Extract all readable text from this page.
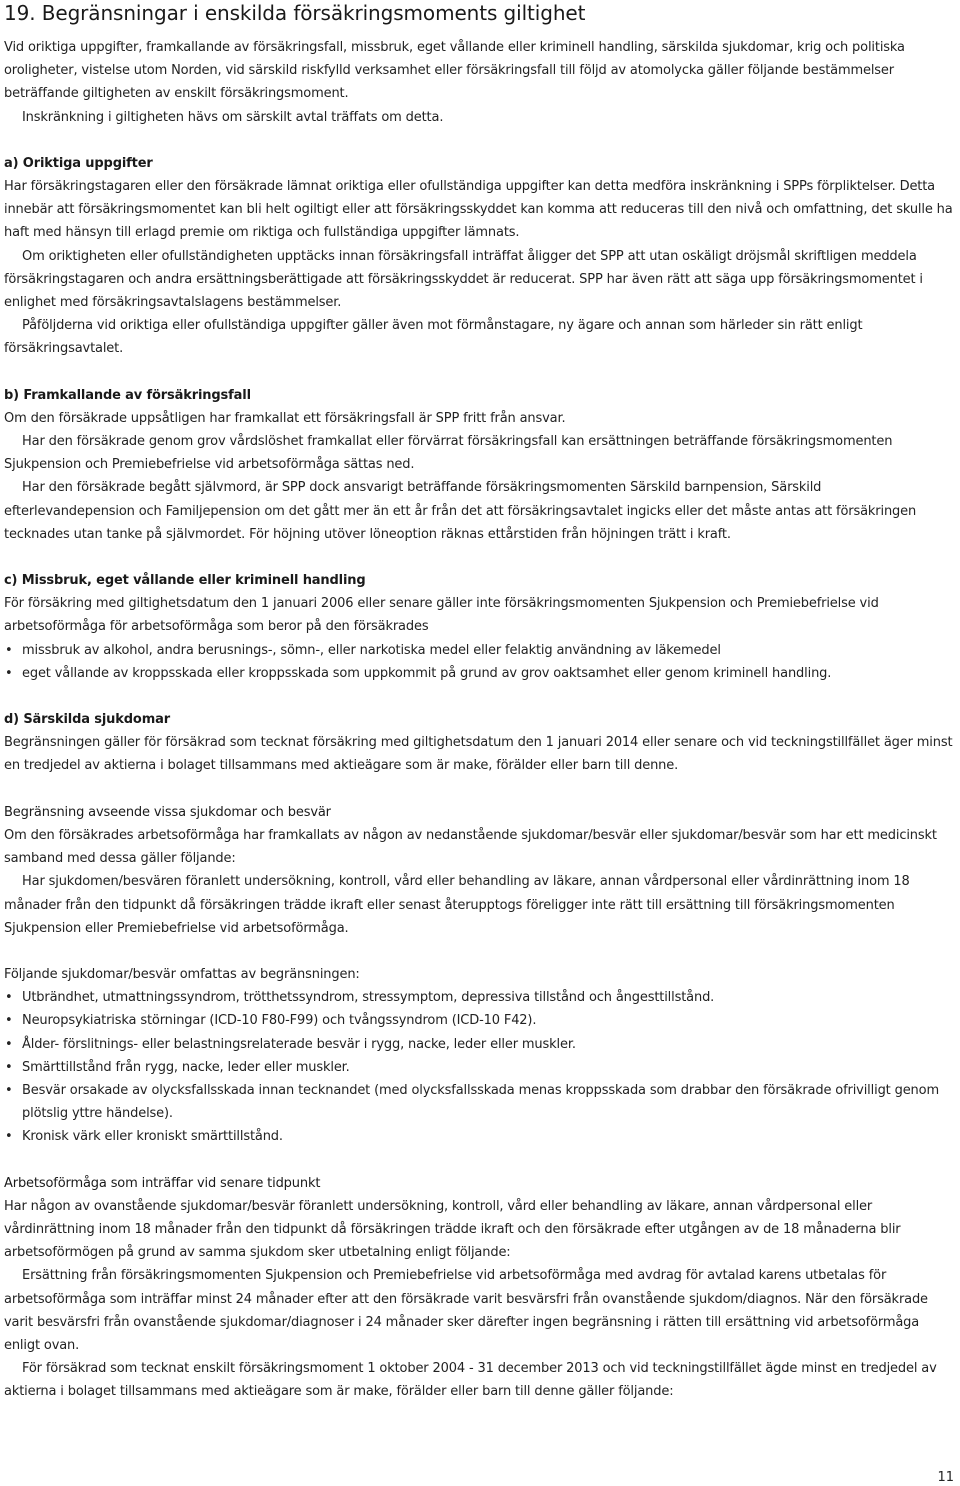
19. Begränsningar i enskilda försäkringsmoments giltighet

Vid oriktiga uppgifter, framkallande av försäkringsfall, missbruk, eget vållande eller kriminell handling, särskilda sjukdomar, krig och politiska oroligheter, vistelse utom Norden, vid särskild riskfylld verksamhet eller försäkringsfall till följd av atomolycka gäller följande bestämmelser beträffande giltigheten av enskilt försäkringsmoment.

Inskränkning i giltigheten hävs om särskilt avtal träffats om detta.

a) Oriktiga uppgifter

Har försäkringstagaren eller den försäkrade lämnat oriktiga eller ofullständiga uppgifter kan detta medföra inskränkning i SPPs förpliktelser. Detta innebär att försäkringsmomentet kan bli helt ogiltigt eller att försäkringsskyddet kan komma att reduceras till den nivå och omfattning, det skulle ha haft med hänsyn till erlagd premie om riktiga och fullständiga uppgifter lämnats.

Om oriktigheten eller ofullständigheten upptäcks innan försäkringsfall inträffat åligger det SPP att utan oskäligt dröjsmål skriftligen meddela försäkringstagaren och andra ersättningsberättigade att försäkringsskyddet är reducerat. SPP har även rätt att säga upp försäkringsmomentet i enlighet med försäkringsavtalslagens bestämmelser.

Påföljderna vid oriktiga eller ofullständiga uppgifter gäller även mot förmånstagare, ny ägare och annan som härleder sin rätt enligt försäkringsavtalet.

b) Framkallande av försäkringsfall

Om den försäkrade uppsåtligen har framkallat ett försäkringsfall är SPP fritt från ansvar.

Har den försäkrade genom grov vårdslöshet framkallat eller förvärrat försäkringsfall kan ersättningen beträffande försäkringsmomenten Sjukpension och Premiebefrielse vid arbetsoförmåga sättas ned.

Har den försäkrade begått självmord, är SPP dock ansvarigt beträffande försäkringsmomenten Särskild barnpension, Särskild efterlevandepension och Familjepension om det gått mer än ett år från det att försäkringsavtalet ingicks eller det måste antas att försäkringen tecknades utan tanke på självmordet. För höjning utöver löneoption räknas ettårstiden från höjningen trätt i kraft.

c) Missbruk, eget vållande eller kriminell handling

För försäkring med giltighetsdatum den 1 januari 2006 eller senare gäller inte försäkringsmomenten Sjukpension och Premiebefrielse vid arbetsoförmåga för arbetsoförmåga som beror på den försäkrades

• missbruk av alkohol, andra berusnings-, sömn-, eller narkotiska medel eller felaktig användning av läkemedel
• eget vållande av kroppsskada eller kroppsskada som uppkommit på grund av grov oaktsamhet eller genom kriminell handling.
d) Särskilda sjukdomar

Begränsningen gäller för försäkrad som tecknat försäkring med giltighetsdatum den 1 januari 2014 eller senare och vid teckningstillfället äger minst en tredjedel av aktierna i bolaget tillsammans med aktieägare som är make, förälder eller barn till denne.

Begränsning avseende vissa sjukdomar och besvär

Om den försäkrades arbetsoförmåga har framkallats av någon av nedanstående sjukdomar/besvär eller sjukdomar/besvär som har ett medicinskt samband med dessa gäller följande:

Har sjukdomen/besvären föranlett undersökning, kontroll, vård eller behandling av läkare, annan vårdpersonal eller vårdinrättning inom 18 månader från den tidpunkt då försäkringen trädde ikraft eller senast återupptogs föreligger inte rätt till ersättning till försäkringsmomenten Sjukpension eller Premiebefrielse vid arbetsoförmåga.

Följande sjukdomar/besvär omfattas av begränsningen:

• Utbrändhet, utmattningssyndrom, trötthetssyndrom, stressymptom, depressiva tillstånd och ångesttillstånd.
• Neuropsykiatriska störningar (ICD-10 F80-F99) och tvångssyndrom (ICD-10 F42).
• Ålder- förslitnings- eller belastningsrelaterade besvär i rygg, nacke, leder eller muskler.
• Smärttillstånd från rygg, nacke, leder eller muskler.
• Besvär orsakade av olycksfallsskada innan tecknandet (med olycksfallsskada menas kroppsskada som drabbar den försäkrade ofrivilligt genom plötslig yttre händelse).
• Kronisk värk eller kroniskt smärttillstånd.
Arbetsoförmåga som inträffar vid senare tidpunkt

Har någon av ovanstående sjukdomar/besvär föranlett undersökning, kontroll, vård eller behandling av läkare, annan vårdpersonal eller vårdinrättning inom 18 månader från den tidpunkt då försäkringen trädde ikraft och den försäkrade efter utgången av de 18 månaderna blir arbetsoförmögen på grund av samma sjukdom sker utbetalning enligt följande:

Ersättning från försäkringsmomenten Sjukpension och Premiebefrielse vid arbetsoförmåga med avdrag för avtalad karens utbetalas för arbetsoförmåga som inträffar minst 24 månader efter att den försäkrade varit besvärsfri från ovanstående sjukdom/diagnos. När den försäkrade varit besvärsfri från ovanstående sjukdomar/diagnoser i 24 månader sker därefter ingen begränsning i rätten till ersättning vid arbetsoförmåga enligt ovan.

För försäkrad som tecknat enskilt försäkringsmoment 1 oktober 2004 - 31 december 2013 och vid teckningstillfället ägde minst en tredjedel av aktierna i bolaget tillsammans med aktieägare som är make, förälder eller barn till denne gäller följande:

11
